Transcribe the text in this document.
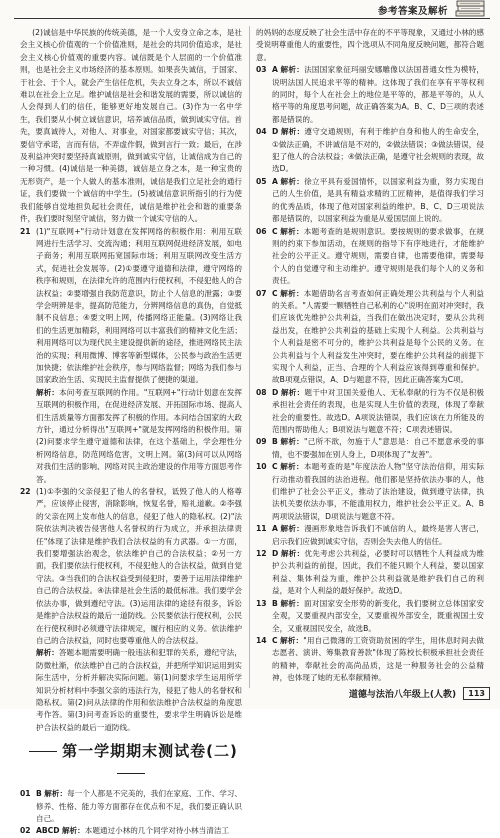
参考答案及解析

(2)诚信是中华民族的传统美德，是一个人安身立命之本，是社会主义核心价值观的一个价值准则，是社会的共同价值追求，是社会主义核心价值观的重要内容。诚信既是个人层面的一个价值准则，也是社会主义市场经济的基本原则。如果丧失诚信，于国家、于社会、于个人，就会产生信任危机，失去立身之本，所以不诚信难以在社会上立足。维护诚信是社会和谐发展的需要，所以诚信的人会得到人们的信任，能够更好地发展自己。(3)作为一名中学生，我们要从小树立诚信意识，培养诚信品质，做到诚实守信。首先，要真诚待人，对他人、对事业，对国家都要诚实守信；其次，要信守承诺，言而有信，不弄虚作假，做到言行一致；最后，在涉及利益冲突时要坚持真诚原则，做到诚实守信，让诚信成为自己的一种习惯。(4)诚信是一种美德，诚信是立身之本，是一种宝贵的无形资产，是一个人做人的基本准则，诚信是我们立足社会的通行证，我们要做一个诚信的中学生。(5)被诚信意识所指引的行为使我们能够自觉地担负起社会责任，诚信是维护社会和谐的重要条件，我们要时刻坚守诚信，努力做一个诚实守信的人。

21 (1)"互联网+"行动计划意在发挥网络的积极作用：利用互联网进行生活学习、交流沟通；利用互联网促进经济发展，如电子商务；利用互联网拓宽国际市场；利用互联网改变生活方式，促进社会发展等。(2)①要遵守道德和法律，遵守网络的秩序和规则，在法律允许的范围内行使权利，不侵犯他人的合法权益；②要增强自我防范意识，防止个人信息的泄露；③要学会明辨是非，提高防范能力，分辨网络信息的真伪，自觉抵制不良信息；④要文明上网，传播网络正能量。(3)网络让我们的生活更加精彩，利用网络可以丰富我们的精神文化生活；利用网络可以为现代民主建设提供新的途径，推进网络民主法治的实现；利用微博、博客等新型媒体，公民参与政治生活更加快捷；依法维护社会秩序，参与网络监督；网络为我们参与国家政治生活、实现民主监督提供了便捷的渠道。

解析：本问考查互联网的作用。"互联网+"行动计划意在发挥互联网的积极作用，在促进经济发展、开拓国际市场、提高人们生活质量等方面都发挥了积极的作用。本问结合国家的大政方针，通过分析得出"互联网+"就是发挥网络的积极作用。第(2)问要求学生遵守道德和法律，在这个基础上，学会理性分析网络信息，防范网络危害，文明上网。第(3)问可以从网络对我们生活的影响、网络对民主政治建设的作用等方面思考作答。

22 (1)①李强的父亲侵犯了他人的名誉权，诋毁了他人的人格尊严，应该停止侵害，消除影响，恢复名誉，赔礼道歉。②李强的父亲在网上发布他人的信息，侵犯了他人的隐私权。(2)"法院依法判决被告侵害他人名誉权的行为成立，并承担法律责任"体现了法律是维护我们合法权益的有力武器。①一方面，我们要增强法治观念，依法维护自己的合法权益；②另一方面，我们要依法行使权利，不侵犯他人的合法权益，做到自觉守法。③当我们的合法权益受到侵犯时，要善于运用法律维护自己的合法权益。④法律是社会生活的最低标准。我们要学会依法办事，做到遵纪守法。(3)运用法律的途径有很多，诉讼是维护合法权益的最后一道防线。公民要依法行使权利，公民在行使权利时必须遵守法律规定，履行相应的义务。依法维护自己的合法权益，同时也要尊重他人的合法权益。

解析：答题本题需要明确一般违法和犯罪的关系，遵纪守法，防微杜渐，依法维护自己的合法权益，并把所学知识运用到实际生活中，分析并解决实际问题。第(1)问要求学生运用所学知识分析材料中李强父亲的违法行为，侵犯了他人的名誉权和隐私权。第(2)问从法律的作用和依法维护合法权益的角度思考作答。第(3)问考查诉讼的重要性，要求学生明确诉讼是维护合法权益的最后一道防线。

第一学期期末测试卷(二)

01 B 解析：每一个人都是不完美的，我们在家庭、工作、学习、修养、性格、能力等方面都存在优点和不足，我们要正确认识自己。

02 ABCD 解析：本题通过小林的几个同学对待小林当清洁工

的妈妈的态度反映了社会生活中存在的不平等现象，又通过小林的感受说明尊重他人的重要性，四个选项从不同角度反映问题，都符合题意。

03 A 解析：法国国家象征玛丽安娜雕像以法国普通女性为模特，说明法国人民追求平等的精神。这体现了我们在享有平等权利的同时，每个人在社会上的地位是平等的，都是平等的，从人格平等的角度思考问题，故正确答案为A。B、C、D三项的表述都是错误的。

04 D 解析：遵守交通规则，有利于维护自身和他人的生命安全，①做法正确，不讲诚信是不对的，②做法错误；③做法错误，侵犯了他人的合法权益；④做法正确，是遵守社会规则的表现，故选D。

05 A 解析：徐立平具有爱国情怀，以国家利益为重，努力实现自己的人生价值，是具有精益求精的工匠精神，是值得我们学习的优秀品质，体现了他对国家利益的维护。B、C、D三项说法都是错误的，以国家利益为重是从爱国层面上说的。

06 C 解析：本题考查的是规则意识。要按规则的要求做事，在规则的约束下参加活动，在规则的指导下有序地进行，才能维护社会的公平正义。遵守规则，需要自律，也需要他律，需要每个人的自觉遵守和主动维护。遵守规则是我们每个人的义务和责任。

07 C 解析：本题借助名言考查如何正确处理公共利益与个人利益的关系。"人需要一颗牺牲自己私利的心"说明在面对冲突时，我们应该优先维护公共利益，当我们在做出决定时，要从公共利益出发，在维护公共利益的基础上实现个人利益。公共利益与个人利益是密不可分的，维护公共利益是每个公民的义务。在公共利益与个人利益发生冲突时，要在维护公共利益的前提下实现个人利益，正当、合理的个人利益应该得到尊重和保护。故B项观点错误，A、D与题意不符，因此正确答案为C项。

08 D 解析：题干中对卫国关爱他人、无私奉献的行为不仅是积极承担社会责任的表现，也是实现人生价值的表现，体现了奉献社会的重要性。故选D。A项说法错误，我们应该在力所能及的范围内帮助他人；B项说法与题意不符；C项表述错误。

09 B 解析："己所不欲，勿施于人"意思是：自己不愿意承受的事情，也不要强加在别人身上，D项体现了"友善"。

10 C 解析：本题考查的是"年度法治人物"坚守法治信仰，用实际行动推动着我国的法治进程。他们都是坚持依法办事的人，他们维护了社会公平正义，推动了法治建设，做到遵守法律，执法机关要依法办事，不能滥用权力，维护社会公平正义。A、B两项说法错误，D项说法与题意不符。

11 A 解析：漫画形象地告诉我们不诚信的人，最终是害人害己，启示我们应做到诚实守信，否则会失去他人的信任。

12 D 解析：优先考虑公共利益，必要时可以牺牲个人利益成为维护公共利益的前提，因此，我们不能只顾个人利益，要以国家利益、集体利益为重，维护公共利益就是维护我们自己的利益，是对个人利益的最好保护。故选D。

13 B 解析：面对国家安全形势的新变化，我们要树立总体国家安全观，又要重视内部安全，又要重视外部安全，既重视国土安全，又重视国民安全，故选B。

14 C 解析："用自己微薄的工资资助贫困的学生，用休息时间去做志愿者、演讲、筹集教育善款"体现了陈校长积极承担社会责任的精神，奉献社会的高尚品质，这是一种服务社会的公益精神，也体现了她的无私奉献精神。

道德与法治八年级上(人教) 113
